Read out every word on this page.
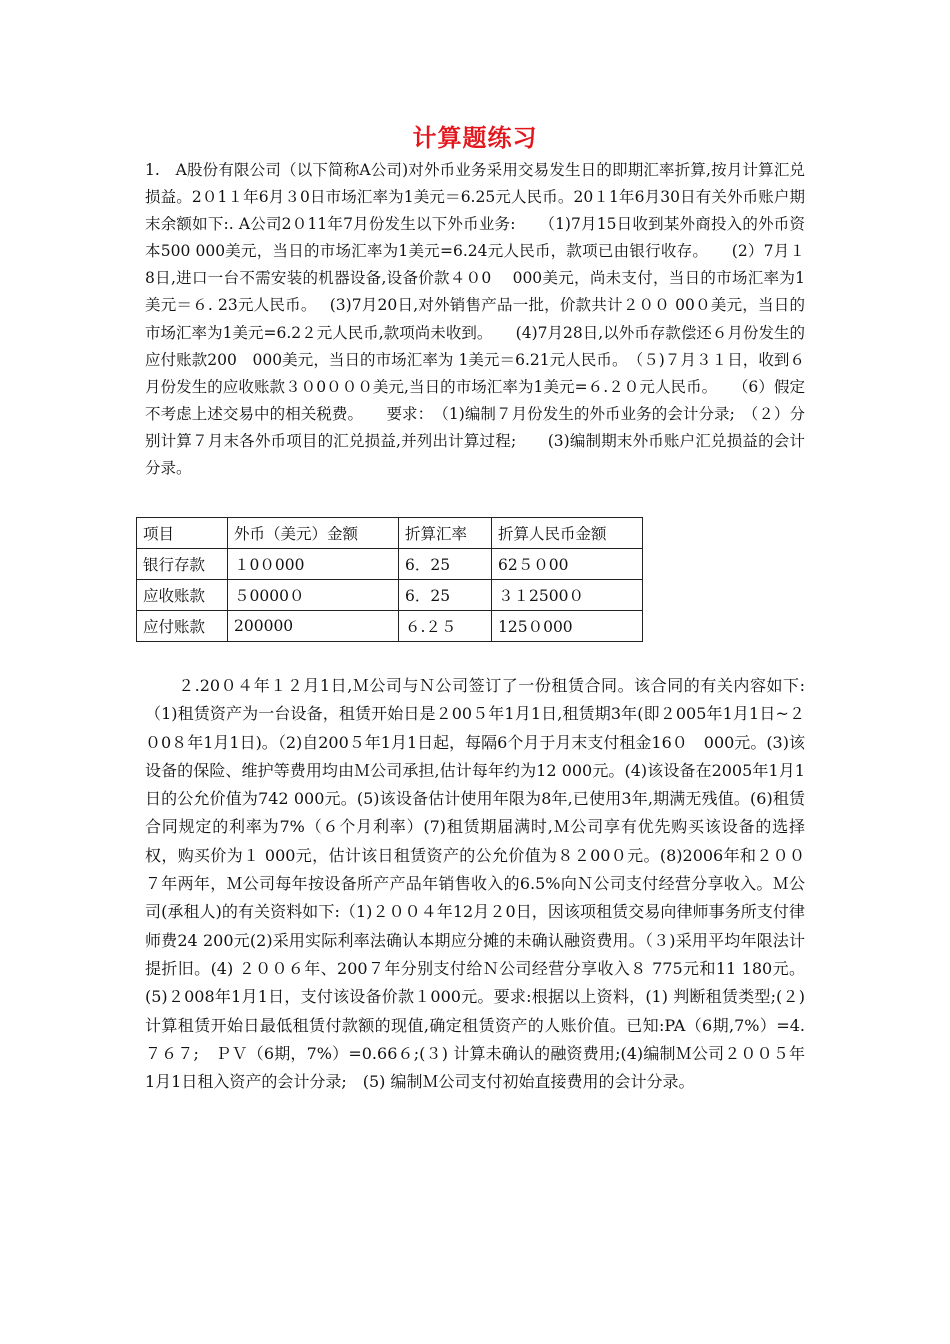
计算题练习
1.　A股份有限公司（以下简称A公司)对外币业务采用交易发生日的即期汇率折算,按月计算汇兑损益。2０1１年6月３0日市场汇率为1美元＝6.25元人民币。20１1年6月30日有关外币账户期末余额如下:. A公司2０11年7月份发生以下外币业务:　　（1)7月15日收到某外商投入的外币资本500 000美元，当日的市场汇率为1美元=6.24元人民币，款项已由银行收存。　　(2）7月１8日,进口一台不需安装的机器设备,设备价款４０0　 000美元，尚未支付，当日的市场汇率为1美元＝６. 23元人民币。　 (3)7月20日,对外销售产品一批，价款共计２００ 00０美元，当日的市场汇率为1美元=6.2２元人民币,款项尚未收到。　　(4)7月28日,以外币存款偿还６月份发生的应付账款200　000美元，当日的市场汇率为 1美元＝6.21元人民币。　（５)７月３１日，收到６月份发生的应收账款３０0０００美元,当日的市场汇率为1美元=６.２０元人民币。　　（6）假定不考虑上述交易中的相关税费。　　要求：　（1)编制７月份发生的外币业务的会计分录;　（２）分别计算７月末各外币项目的汇兑损益,并列出计算过程;　　(3)编制期末外币账户汇兑损益的会计分录。
项目	外币（美元）金额	折算汇率	折算人民币金额
银行存款	１0０000	6．25	62５０00
应收账款	５0000０	6．25	３１2500０
应付账款	200000	６.２５	125０000
　　２.20０４年１２月1日,Ｍ公司与Ｎ公司签订了一份租赁合同。该合同的有关内容如下:（1)租赁资产为一台设备，租赁开始日是２00５年1月1日,租赁期3年(即２005年1月1日~２０0８年1月1日)。（2)自200５年1月1日起，每隔6个月于月末支付租金16０　000元。(3)该设备的保险、维护等费用均由Ｍ公司承担,估计每年约为12 000元。(4)该设备在2005年1月1日的公允价值为742 000元。(5)该设备估计使用年限为8年,已使用3年,期满无残值。(6)租赁合同规定的利率为7%（６个月利率）(7)租赁期届满时,Ｍ公司享有优先购买该设备的选择权，购买价为１ 000元，估计该日租赁资产的公允价值为８２00０元。(8)2006年和２００７年两年，Ｍ公司每年按设备所产产品年销售收入的6.5%向Ｎ公司支付经营分享收入。Ｍ公司(承租人)的有关资料如下:（1)２００４年12月２0日，因该项租赁交易向律师事务所支付律师费24 200元(2)采用实际利率法确认本期应分摊的未确认融资费用。（３)采用平均年限法计提折旧。(4) ２００６年、200７年分别支付给Ｎ公司经营分享收入８ 775元和11 180元。(5)２008年1月1日，支付该设备价款１000元。要求:根据以上资料，(1) 判断租赁类型;(２) 计算租赁开始日最低租赁付款额的现值,确定租赁资产的人账价值。已知:PA（6期,7%）=4.７６７;　ＰＶ（6期，7%）=0.66６;(３) 计算未确认的融资费用;(4)编制Ｍ公司２００５年1月1日租入资产的会计分录;　(5) 编制Ｍ公司支付初始直接费用的会计分录。
